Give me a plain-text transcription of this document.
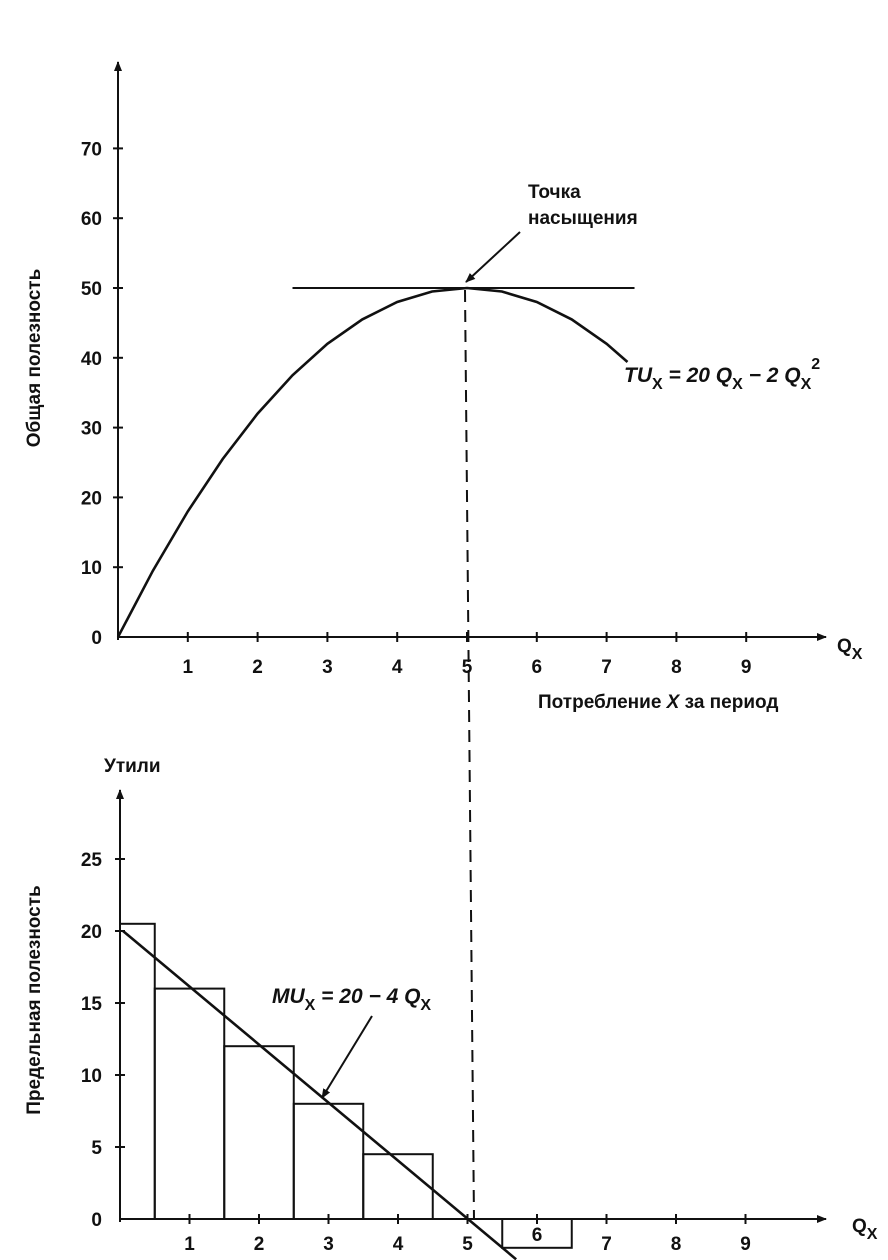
0
10
20
30
40
50
60
70
1	2	3	4	5	6	7	8	9
Общая полезность
$Q_X$
Потребление X за период
Точка
насыщения
$TU_X = 20$ $Q_X - 2$ $Q_X^2$
6
0
5
10
15
20
25
1	2	3	4	5	7	8	9
Утили
Предельная полезность
$Q_X$
$MU_X = 20 - 4$ $Q_X$
